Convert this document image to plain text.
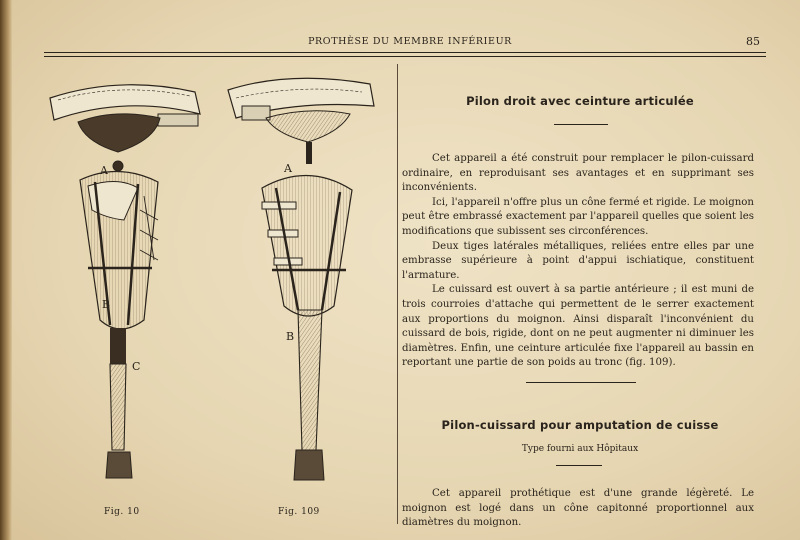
PROTHÈSE DU MEMBRE INFÉRIEUR	85
A
B
C
A
B
Fig. 10​	Fig. 109
Pilon droit avec ceinture articulée

Cet appareil a été construit pour remplacer le pilon-cuissard ordinaire, en reproduisant ses avantages et en supprimant ses inconvénients.

Ici, l'appareil n'offre plus un cône fermé et rigide. Le moignon peut être embrassé exactement par l'appareil quelles que soient les modifications que subissent ses circonférences.

Deux tiges latérales métalliques, reliées entre elles par une embrasse supérieure à point d'appui ischiatique, constituent l'armature.

Le cuissard est ouvert à sa partie antérieure ; il est muni de trois courroies d'attache qui permettent de le serrer exactement aux proportions du moignon. Ainsi disparaît l'inconvénient du cuissard de bois, rigide, dont on ne peut augmenter ni diminuer les diamètres. Enfin, une ceinture articulée fixe l'appareil au bassin en reportant une partie de son poids au tronc (fig. 109).

Pilon-cuissard pour amputation de cuisse
Type fourni aux Hôpitaux

Cet appareil prothétique est d'une grande légèreté. Le moignon est logé dans un cône capitonné proportionnel aux diamètres du moignon.
